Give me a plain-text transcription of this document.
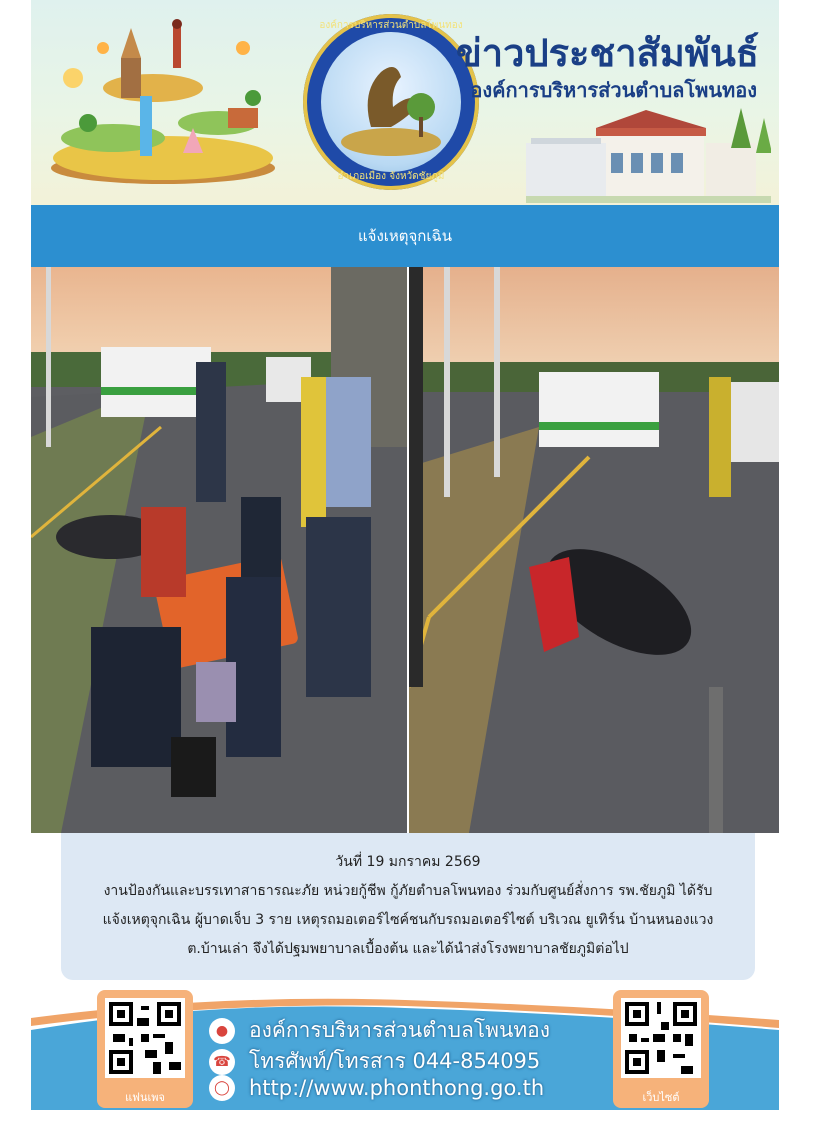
องค์การบริหารส่วนตำบลโพนทอง
อำเภอเมือง จังหวัดชัยภูมิ
ข่าวประชาสัมพันธ์
องค์การบริหารส่วนตำบลโพนทอง
แจ้งเหตุจุกเฉิน
วันที่ 19 มกราคม 2569
งานป้องกันและบรรเทาสาธารณะภัย หน่วยกู้ชีพ กู้ภัยตำบลโพนทอง ร่วมกับศูนย์สั่งการ รพ.ชัยภูมิ ได้รับ
แจ้งเหตุจุกเฉิน ผู้บาดเจ็บ 3 ราย เหตุรถมอเตอร์ไซค์ชนกับรถมอเตอร์ไซต์ บริเวณ ยูเทิร์น บ้านหนองแวง
ต.บ้านเล่า จึงได้ปฐมพยาบาลเบื้องต้น และได้นำส่งโรงพยาบาลชัยภูมิต่อไป
แฟนเพจ
● องค์การบริหารส่วนตำบลโพนทอง
☎ โทรศัพท์/โทรสาร 044-854095
◯ http://www.phonthong.go.th	เว็บไซต์
